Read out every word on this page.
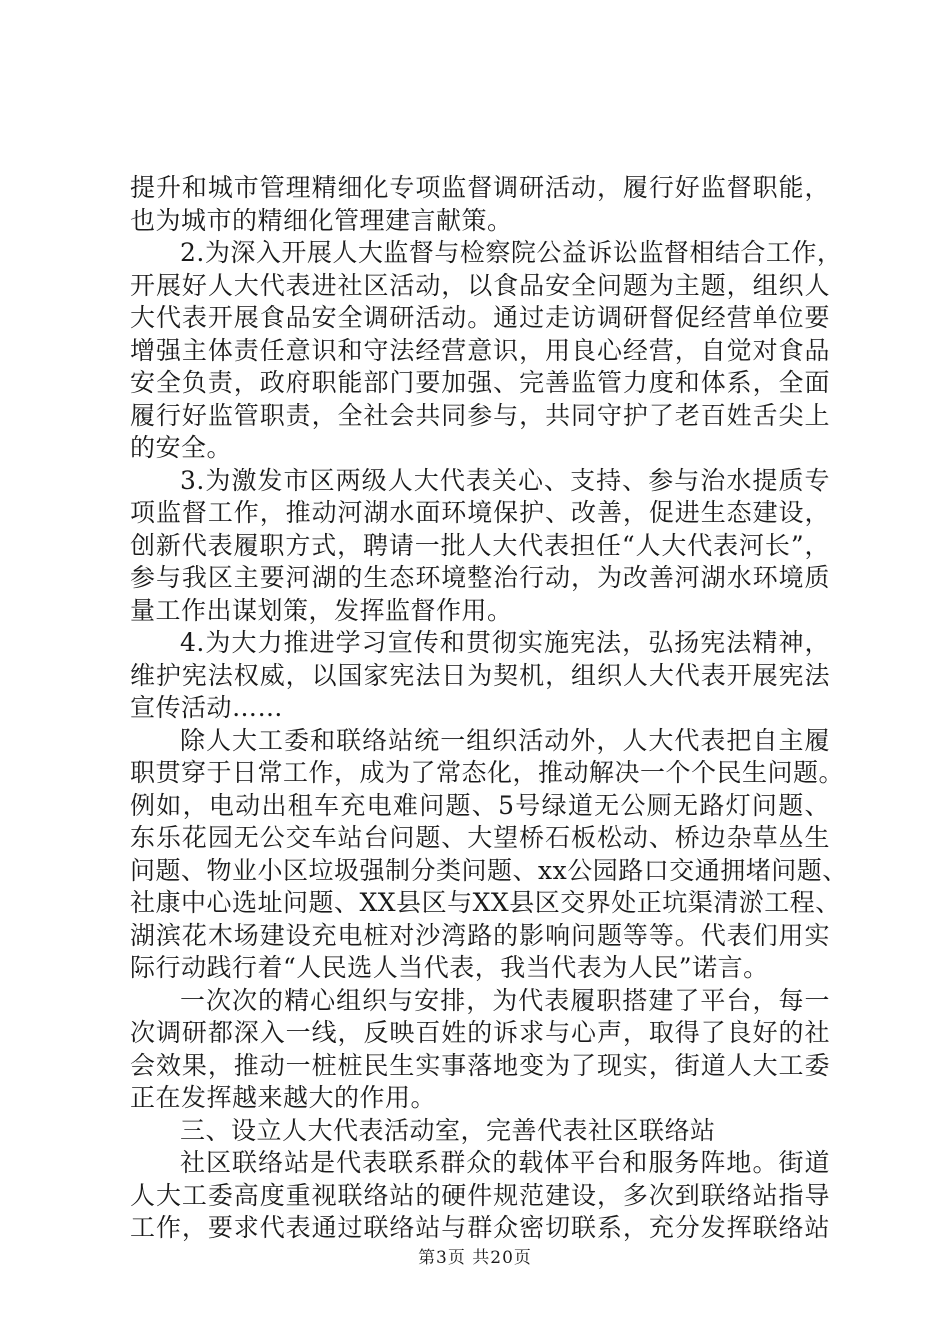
提升和城市管理精细化专项监督调研活动，履行好监督职能，
也为城市的精细化管理建言献策。
2.为深入开展人大监督与检察院公益诉讼监督相结合工作，
开展好人大代表进社区活动，以食品安全问题为主题，组织人
大代表开展食品安全调研活动。通过走访调研督促经营单位要
增强主体责任意识和守法经营意识，用良心经营，自觉对食品
安全负责，政府职能部门要加强、完善监管力度和体系，全面
履行好监管职责，全社会共同参与，共同守护了老百姓舌尖上
的安全。
3.为激发市区两级人大代表关心、支持、参与治水提质专
项监督工作，推动河湖水面环境保护、改善，促进生态建设，
创新代表履职方式，聘请一批人大代表担任“人大代表河长”，
参与我区主要河湖的生态环境整治行动，为改善河湖水环境质
量工作出谋划策，发挥监督作用。
4.为大力推进学习宣传和贯彻实施宪法，弘扬宪法精神，
维护宪法权威，以国家宪法日为契机，组织人大代表开展宪法
宣传活动……
除人大工委和联络站统一组织活动外，人大代表把自主履
职贯穿于日常工作，成为了常态化，推动解决一个个民生问题。
例如，电动出租车充电难问题、5号绿道无公厕无路灯问题、
东乐花园无公交车站台问题、大望桥石板松动、桥边杂草丛生
问题、物业小区垃圾强制分类问题、xx公园路口交通拥堵问题、
社康中心选址问题、XX县区与XX县区交界处正坑渠清淤工程、
湖滨花木场建设充电桩对沙湾路的影响问题等等。代表们用实
际行动践行着“人民选人当代表，我当代表为人民”诺言。
一次次的精心组织与安排，为代表履职搭建了平台，每一
次调研都深入一线，反映百姓的诉求与心声，取得了良好的社
会效果，推动一桩桩民生实事落地变为了现实，街道人大工委
正在发挥越来越大的作用。
三、设立人大代表活动室，完善代表社区联络站
社区联络站是代表联系群众的载体平台和服务阵地。街道
人大工委高度重视联络站的硬件规范建设，多次到联络站指导
工作，要求代表通过联络站与群众密切联系，充分发挥联络站
第3页 共20页
